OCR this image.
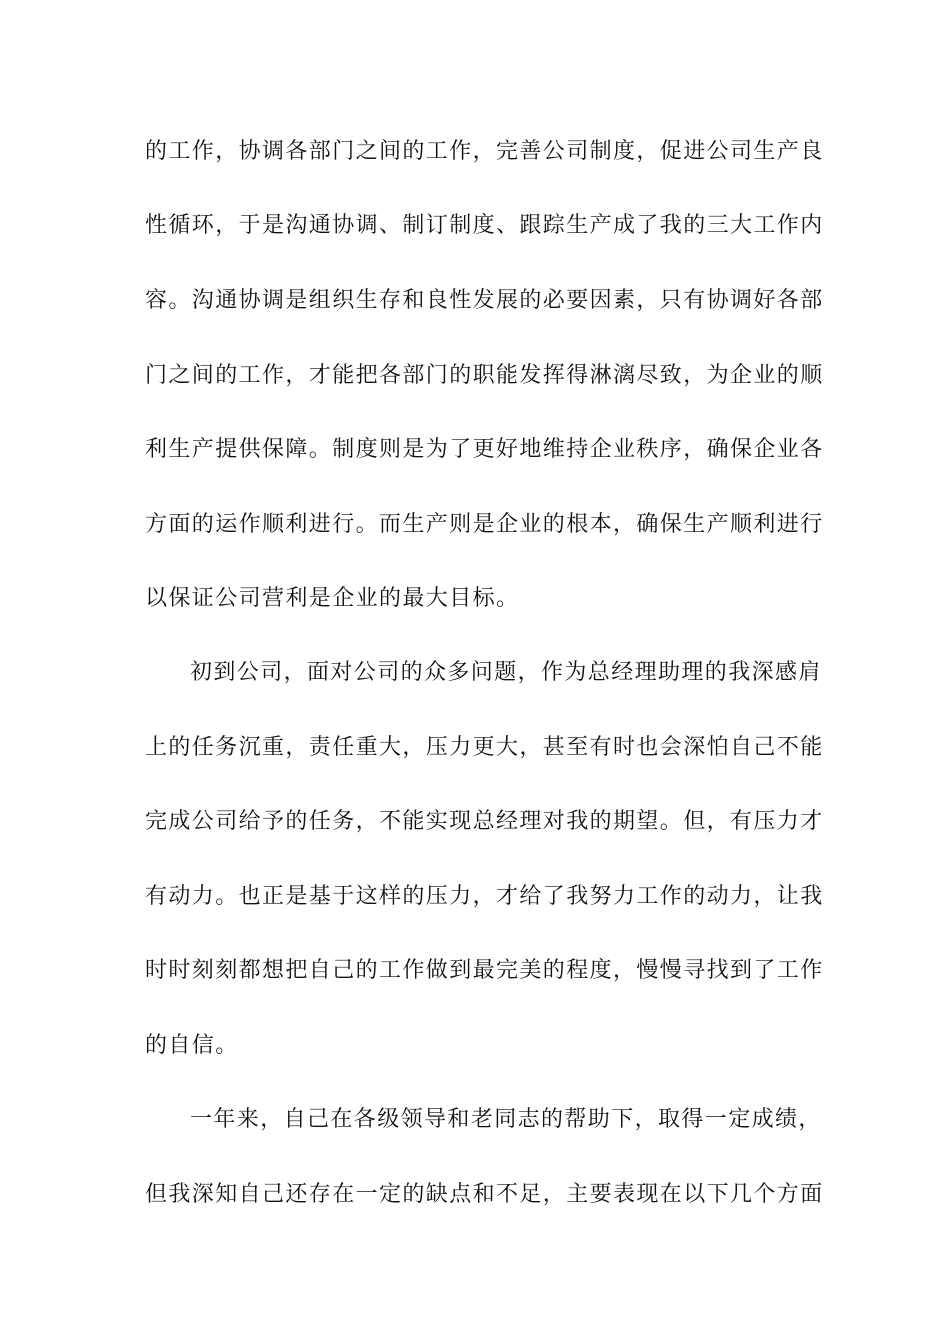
的工作，协调各部门之间的工作，完善公司制度，促进公司生产良
性循环，于是沟通协调、制订制度、跟踪生产成了我的三大工作内
容。沟通协调是组织生存和良性发展的必要因素，只有协调好各部
门之间的工作，才能把各部门的职能发挥得淋漓尽致，为企业的顺
利生产提供保障。制度则是为了更好地维持企业秩序，确保企业各
方面的运作顺利进行。而生产则是企业的根本，确保生产顺利进行
以保证公司营利是企业的最大目标。
初到公司，面对公司的众多问题，作为总经理助理的我深感肩
上的任务沉重，责任重大，压力更大，甚至有时也会深怕自己不能
完成公司给予的任务，不能实现总经理对我的期望。但，有压力才
有动力。也正是基于这样的压力，才给了我努力工作的动力，让我
时时刻刻都想把自己的工作做到最完美的程度，慢慢寻找到了工作
的自信。
一年来，自己在各级领导和老同志的帮助下，取得一定成绩，
但我深知自己还存在一定的缺点和不足，主要表现在以下几个方面
